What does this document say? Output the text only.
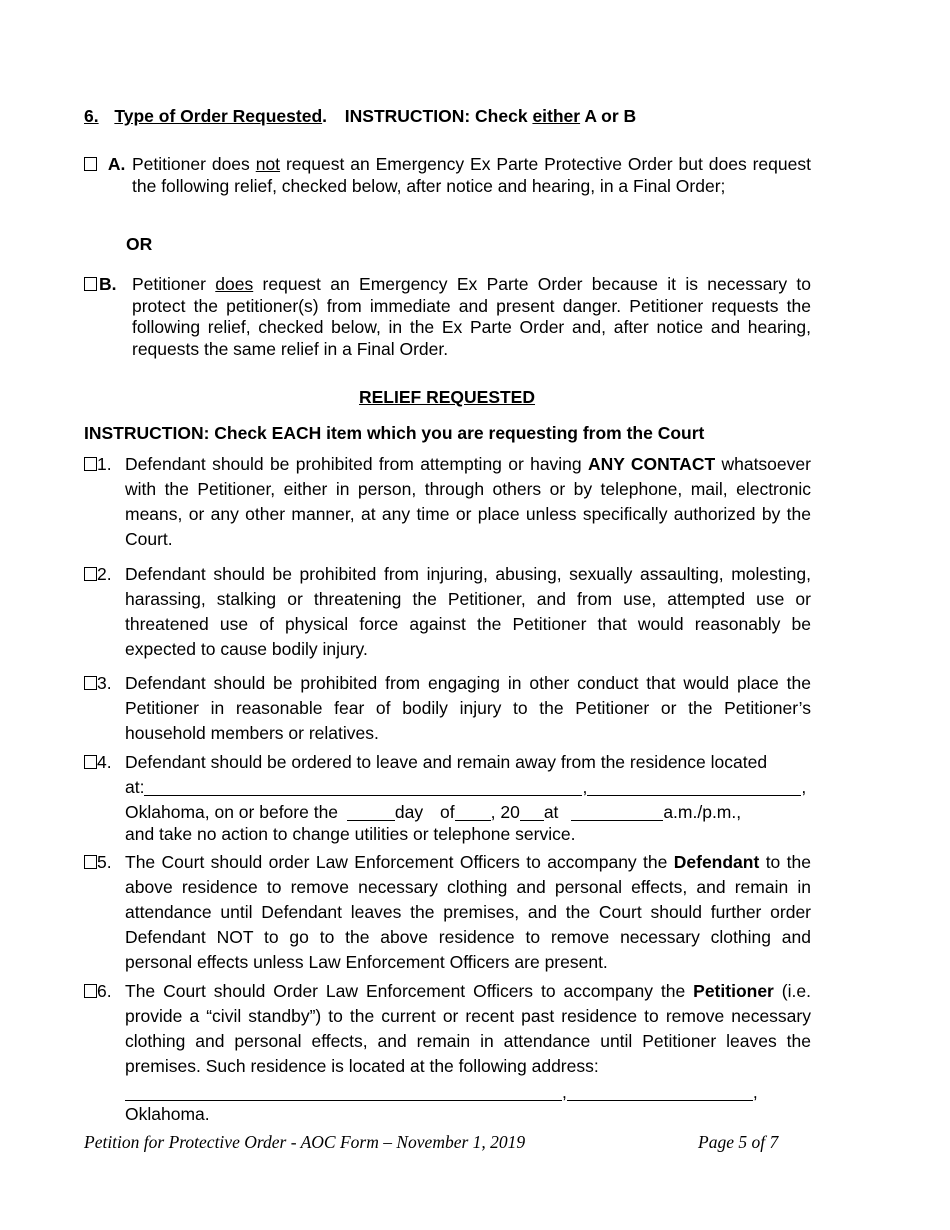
6. Type of Order Requested. INSTRUCTION: Check either A or B
A. Petitioner does not request an Emergency Ex Parte Protective Order but does request the following relief, checked below, after notice and hearing, in a Final Order;
OR
B. Petitioner does request an Emergency Ex Parte Order because it is necessary to protect the petitioner(s) from immediate and present danger. Petitioner requests the following relief, checked below, in the Ex Parte Order and, after notice and hearing, requests the same relief in a Final Order.
RELIEF REQUESTED
INSTRUCTION: Check EACH item which you are requesting from the Court
1. Defendant should be prohibited from attempting or having ANY CONTACT whatsoever with the Petitioner, either in person, through others or by telephone, mail, electronic means, or any other manner, at any time or place unless specifically authorized by the Court.
2. Defendant should be prohibited from injuring, abusing, sexually assaulting, molesting, harassing, stalking or threatening the Petitioner, and from use, attempted use or threatened use of physical force against the Petitioner that would reasonably be expected to cause bodily injury.
3. Defendant should be prohibited from engaging in other conduct that would place the Petitioner in reasonable fear of bodily injury to the Petitioner or the Petitioner’s household members or relatives.
4. Defendant should be ordered to leave and remain away from the residence located
at:	,	,
Oklahoma, on or before the	day of , 20 at	a.m./p.m.,
and take no action to change utilities or telephone service.
5. The Court should order Law Enforcement Officers to accompany the Defendant to the above residence to remove necessary clothing and personal effects, and remain in attendance until Defendant leaves the premises, and the Court should further order Defendant NOT to go to the above residence to remove necessary clothing and personal effects unless Law Enforcement Officers are present.
6. The Court should Order Law Enforcement Officers to accompany the Petitioner (i.e. provide a “civil standby”) to the current or recent past residence to remove necessary clothing and personal effects, and remain in attendance until Petitioner leaves the premises. Such residence is located at the following address:
,	,
Oklahoma.
Petition for Protective Order - AOC Form – November 1, 2019	Page 5 of 7
